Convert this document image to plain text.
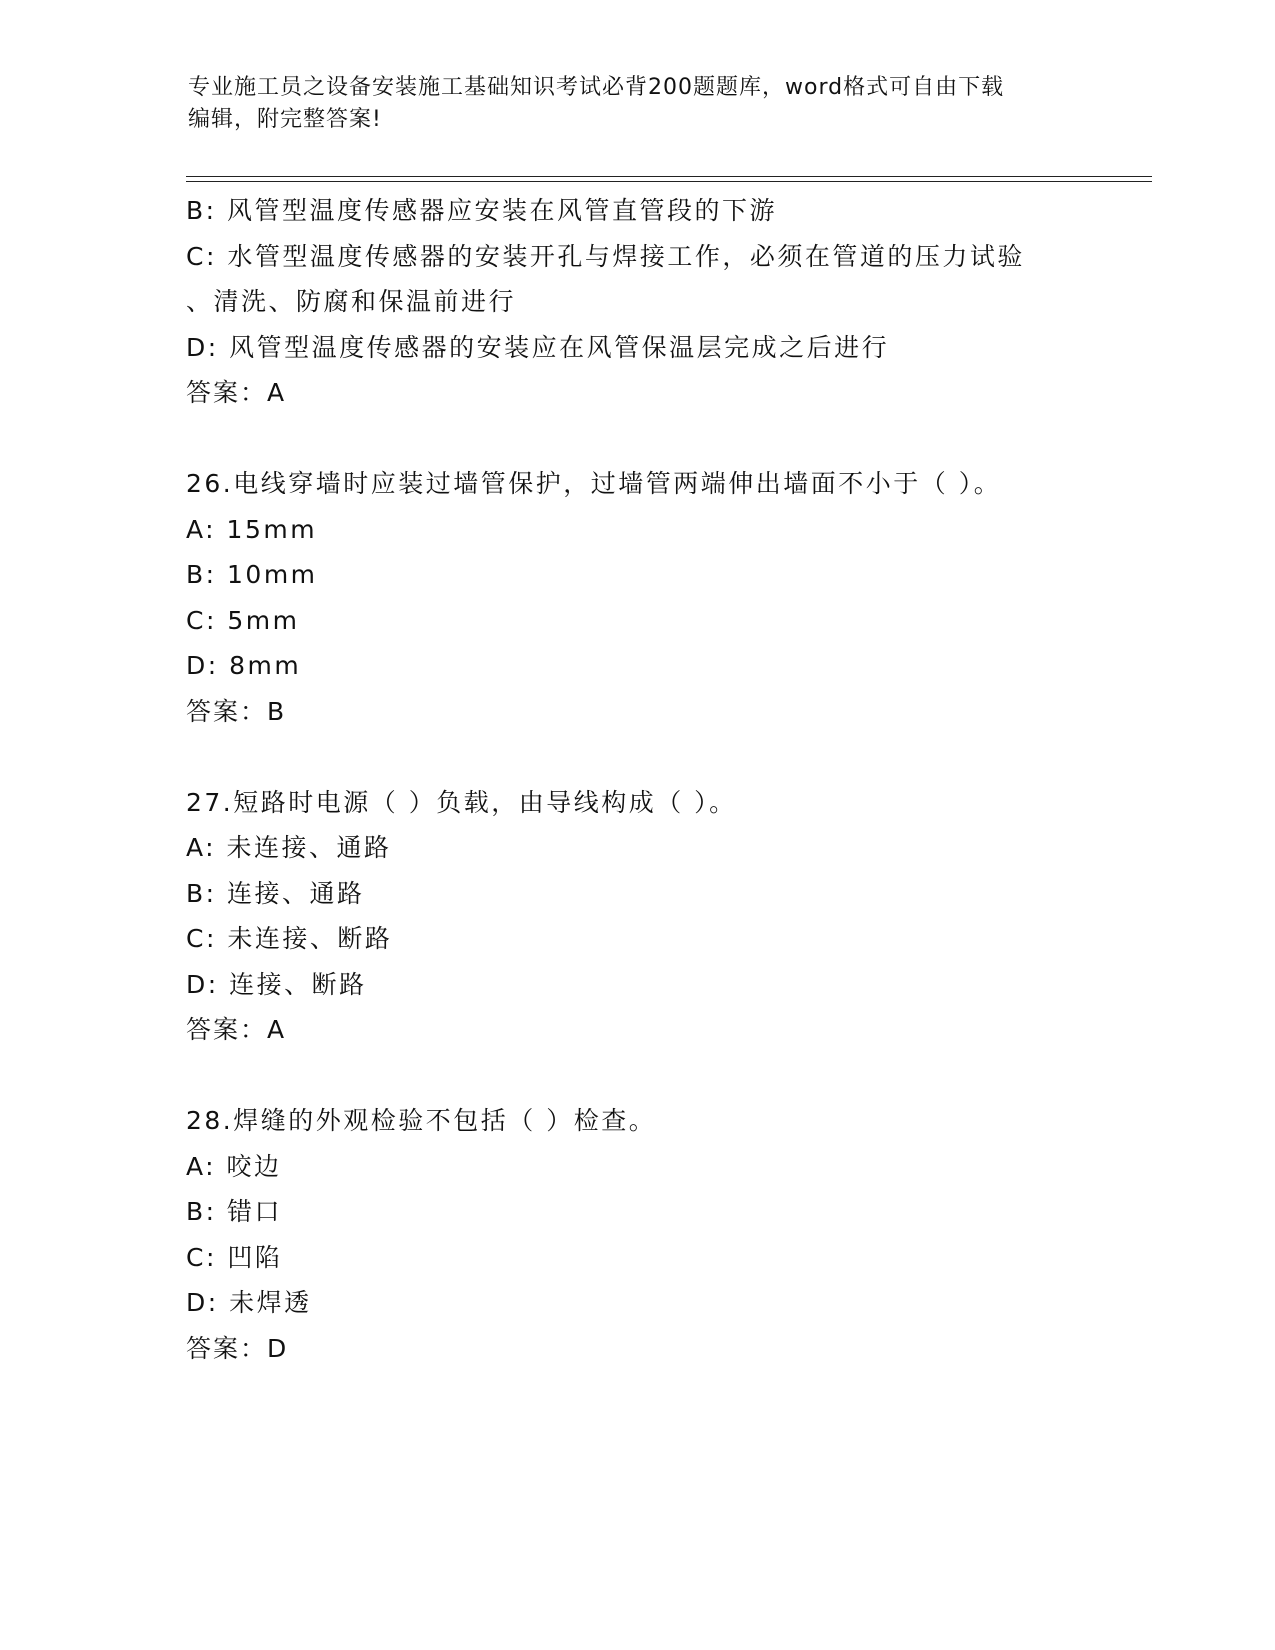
专业施工员之设备安装施工基础知识考试必背200题题库，word格式可自由下载
编辑，附完整答案!
B: 风管型温度传感器应安装在风管直管段的下游
C: 水管型温度传感器的安装开孔与焊接工作，必须在管道的压力试验
、清洗、防腐和保温前进行
D: 风管型温度传感器的安装应在风管保温层完成之后进行
答案：A
26.电线穿墙时应装过墙管保护，过墙管两端伸出墙面不小于（ ）。
A: 15mm
B: 10mm
C: 5mm
D: 8mm
答案：B
27.短路时电源（ ）负载，由导线构成（ ）。
A: 未连接、通路
B: 连接、通路
C: 未连接、断路
D: 连接、断路
答案：A
28.焊缝的外观检验不包括（ ）检查。
A: 咬边
B: 错口
C: 凹陷
D: 未焊透
答案：D
